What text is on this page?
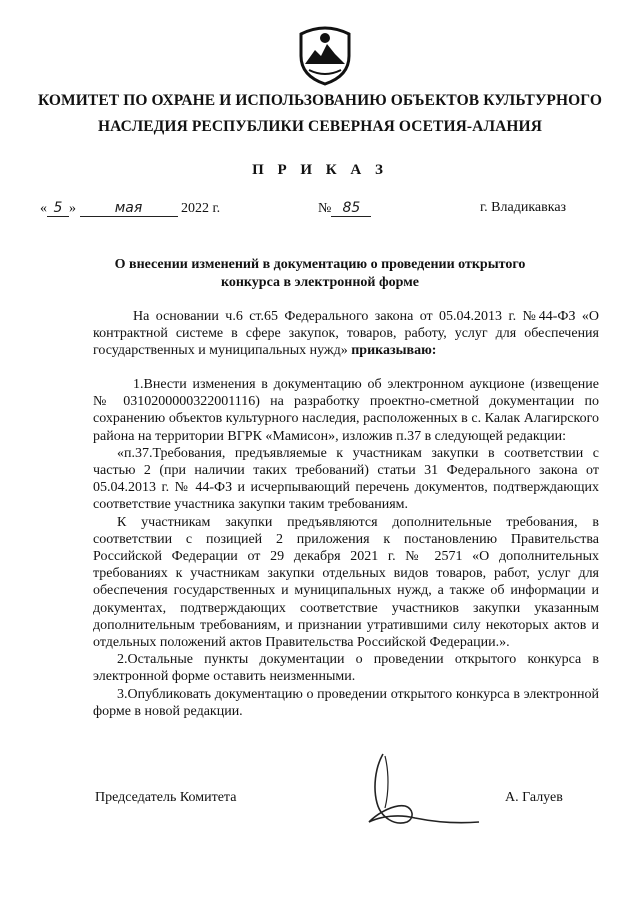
КОМИТЕТ ПО ОХРАНЕ И ИСПОЛЬЗОВАНИЮ ОБЪЕКТОВ КУЛЬТУРНОГО
НАСЛЕДИЯ РЕСПУБЛИКИ СЕВЕРНАЯ ОСЕТИЯ-АЛАНИЯ
П Р И К А З
« 5 »	мая	2022 г.	№ 85	г. Владикавказ
О внесении изменений в документацию о проведении открытого
конкурса в электронной форме

На основании ч.6 ст.65 Федерального закона от 05.04.2013 г. №44-ФЗ «О контрактной системе в сфере закупок, товаров, работу, услуг для обеспечения государственных и муниципальных нужд» приказываю:

1.Внести изменения в документацию об электронном аукционе (извещение № 0310200000322001116) на разработку проектно-сметной документации по сохранению объектов культурного наследия, расположенных в с. Калак Алагирского района на территории ВГРК «Мамисон», изложив п.37 в следующей редакции:

«п.37.Требования, предъявляемые к участникам закупки в соответствии с частью 2 (при наличии таких требований) статьи 31 Федерального закона от 05.04.2013 г. № 44-ФЗ и исчерпывающий перечень документов, подтверждающих соответствие участника закупки таким требованиям.

К участникам закупки предъявляются дополнительные требования, в соответствии с позицией 2 приложения к постановлению Правительства Российской Федерации от 29 декабря 2021 г. № 2571 «О дополнительных требованиях к участникам закупки отдельных видов товаров, работ, услуг для обеспечения государственных и муниципальных нужд, а также об информации и документах, подтверждающих соответствие участников закупки указанным дополнительным требованиям, и признании утратившими силу некоторых актов и отдельных положений актов Правительства Российской Федерации.».

2.Остальные пункты документации о проведении открытого конкурса в электронной форме оставить неизменными.

3.Опубликовать документацию о проведении открытого конкурса в электронной форме в новой редакции.

Председатель Комитета	А. Галуев
